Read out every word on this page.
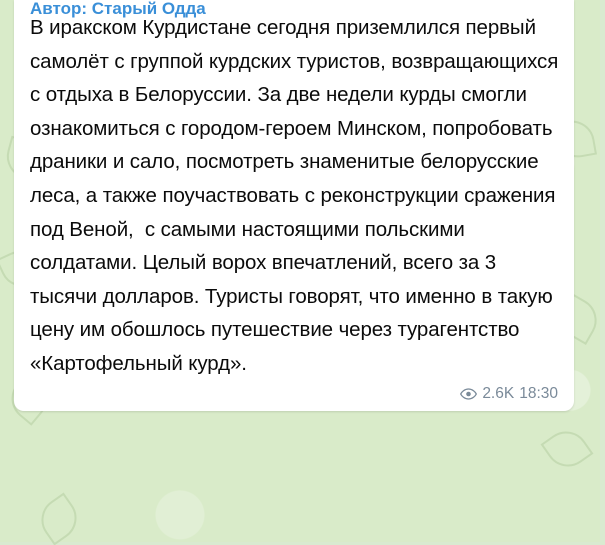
Автор: Старый Одда
В иракском Курдистане сегодня приземлился первый самолёт с группой курдских туристов, возвращающихся с отдыха в Белоруссии. За две недели курды смогли ознакомиться с городом-героем Минском, попробовать драники и сало, посмотреть знаменитые белорусские леса, а также поучаствовать с реконструкции сражения под Веной,  с самыми настоящими польскими солдатами. Целый ворох впечатлений, всего за 3 тысячи долларов. Туристы говорят, что именно в такую цену им обошлось путешествие через турагентство «Картофельный курд».
2.6K 18:30
